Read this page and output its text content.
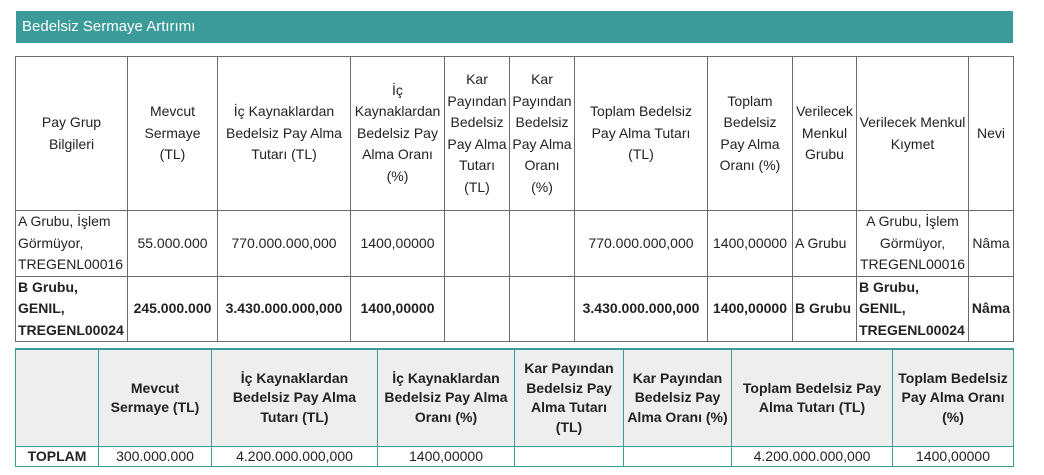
Bedelsiz Sermaye Artırımı
Pay Grup Bilgileri	Mevcut Sermaye (TL)	İç Kaynaklardan Bedelsiz Pay Alma Tutarı (TL)	İç Kaynaklardan Bedelsiz Pay Alma Oranı (%)	Kar Payından Bedelsiz Pay Alma Tutarı (TL)	Kar Payından Bedelsiz Pay Alma Oranı (%)	Toplam Bedelsiz Pay Alma Tutarı (TL)	Toplam Bedelsiz Pay Alma Oranı (%)	Verilecek Menkul Grubu	Verilecek Menkul Kıymet	Nevi
A Grubu, İşlem Görmüyor, TREGENL00016	55.000.000	770.000.000,000	1400,00000			770.000.000,000	1400,00000	A Grubu	A Grubu, İşlem Görmüyor, TREGENL00016	Nâma
B Grubu, GENIL, TREGENL00024	245.000.000	3.430.000.000,000	1400,00000			3.430.000.000,000	1400,00000	B Grubu	B Grubu, GENIL, TREGENL00024	Nâma
	Mevcut Sermaye (TL)	İç Kaynaklardan Bedelsiz Pay Alma Tutarı (TL)	İç Kaynaklardan Bedelsiz Pay Alma Oranı (%)	Kar Payından Bedelsiz Pay Alma Tutarı (TL)	Kar Payından Bedelsiz Pay Alma Oranı (%)	Toplam Bedelsiz Pay Alma Tutarı (TL)	Toplam Bedelsiz Pay Alma Oranı (%)
TOPLAM	300.000.000	4.200.000.000,000	1400,00000			4.200.000.000,000	1400,00000
